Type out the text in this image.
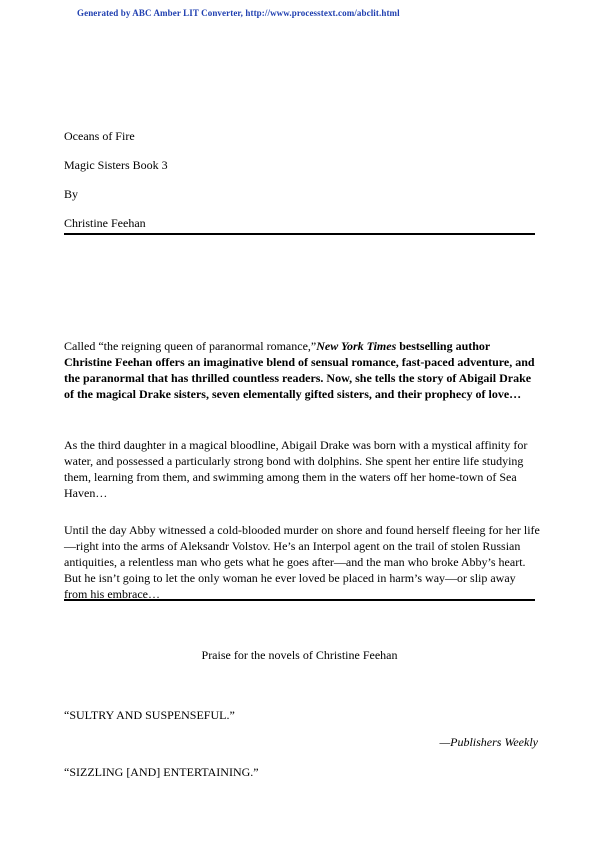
Generated by ABC Amber LIT Converter, http://www.processtext.com/abclit.html
Oceans of Fire
Magic Sisters Book 3
By
Christine Feehan
Called “the reigning queen of paranormal romance,”New York Times bestselling author Christine Feehan offers an imaginative blend of sensual romance, fast-paced adventure, and the paranormal that has thrilled countless readers. Now, she tells the story of Abigail Drake of the magical Drake sisters, seven elementally gifted sisters, and their prophecy of love…
As the third daughter in a magical bloodline, Abigail Drake was born with a mystical affinity for water, and possessed a particularly strong bond with dolphins. She spent her entire life studying them, learning from them, and swimming among them in the waters off her home-town of Sea Haven…
Until the day Abby witnessed a cold-blooded murder on shore and found herself fleeing for her life—right into the arms of Aleksandr Volstov. He’s an Interpol agent on the trail of stolen Russian antiquities, a relentless man who gets what he goes after—and the man who broke Abby’s heart. But he isn’t going to let the only woman he ever loved be placed in harm’s way—or slip away from his embrace…
Praise for the novels of Christine Feehan
“SULTRY AND SUSPENSEFUL.”
—Publishers Weekly
“SIZZLING [AND] ENTERTAINING.”
